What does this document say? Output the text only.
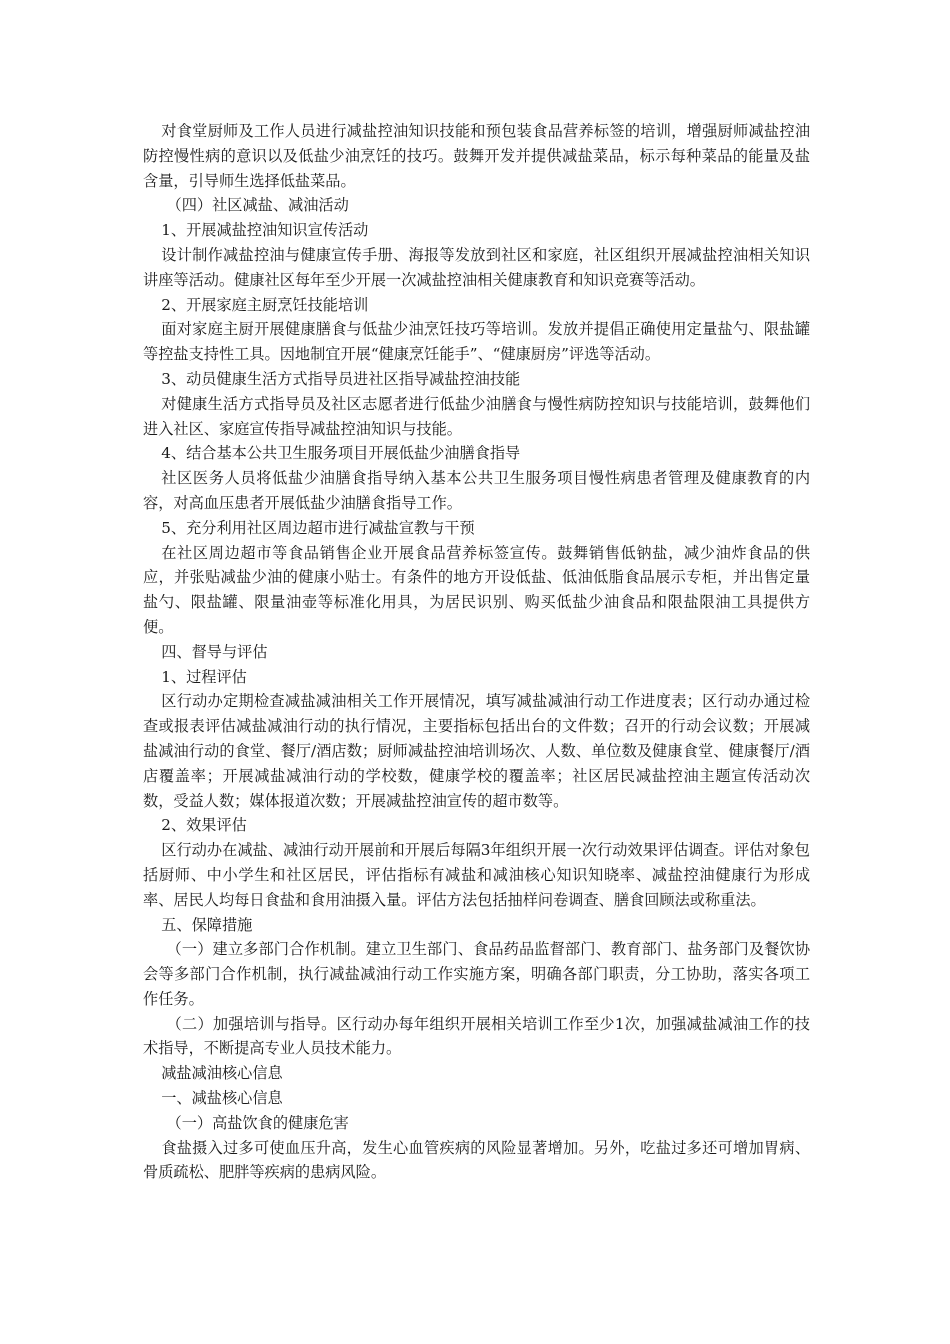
对食堂厨师及工作人员进行减盐控油知识技能和预包装食品营养标签的培训，增强厨师减盐控油防控慢性病的意识以及低盐少油烹饪的技巧。鼓舞开发并提供减盐菜品，标示每种菜品的能量及盐含量，引导师生选择低盐菜品。

（四）社区减盐、减油活动

1、开展减盐控油知识宣传活动

设计制作减盐控油与健康宣传手册、海报等发放到社区和家庭，社区组织开展减盐控油相关知识讲座等活动。健康社区每年至少开展一次减盐控油相关健康教育和知识竞赛等活动。

2、开展家庭主厨烹饪技能培训

面对家庭主厨开展健康膳食与低盐少油烹饪技巧等培训。发放并提倡正确使用定量盐勺、限盐罐等控盐支持性工具。因地制宜开展“健康烹饪能手”、“健康厨房”评选等活动。

3、动员健康生活方式指导员进社区指导减盐控油技能

对健康生活方式指导员及社区志愿者进行低盐少油膳食与慢性病防控知识与技能培训，鼓舞他们进入社区、家庭宣传指导减盐控油知识与技能。

4、结合基本公共卫生服务项目开展低盐少油膳食指导

社区医务人员将低盐少油膳食指导纳入基本公共卫生服务项目慢性病患者管理及健康教育的内容，对高血压患者开展低盐少油膳食指导工作。

5、充分利用社区周边超市进行减盐宣教与干预

在社区周边超市等食品销售企业开展食品营养标签宣传。鼓舞销售低钠盐，减少油炸食品的供应，并张贴减盐少油的健康小贴士。有条件的地方开设低盐、低油低脂食品展示专柜，并出售定量盐勺、限盐罐、限量油壶等标准化用具，为居民识别、购买低盐少油食品和限盐限油工具提供方便。

四、督导与评估

1、过程评估

区行动办定期检查减盐减油相关工作开展情况，填写减盐减油行动工作进度表；区行动办通过检查或报表评估减盐减油行动的执行情况，主要指标包括出台的文件数；召开的行动会议数；开展减盐减油行动的食堂、餐厅/酒店数；厨师减盐控油培训场次、人数、单位数及健康食堂、健康餐厅/酒店覆盖率；开展减盐减油行动的学校数，健康学校的覆盖率；社区居民减盐控油主题宣传活动次数，受益人数；媒体报道次数；开展减盐控油宣传的超市数等。

2、效果评估

区行动办在减盐、减油行动开展前和开展后每隔3年组织开展一次行动效果评估调查。评估对象包括厨师、中小学生和社区居民，评估指标有减盐和减油核心知识知晓率、减盐控油健康行为形成率、居民人均每日食盐和食用油摄入量。评估方法包括抽样问卷调查、膳食回顾法或称重法。

五、保障措施

（一）建立多部门合作机制。建立卫生部门、食品药品监督部门、教育部门、盐务部门及餐饮协会等多部门合作机制，执行减盐减油行动工作实施方案，明确各部门职责，分工协助，落实各项工作任务。

（二）加强培训与指导。区行动办每年组织开展相关培训工作至少1次，加强减盐减油工作的技术指导，不断提高专业人员技术能力。

减盐减油核心信息

一、减盐核心信息

（一）高盐饮食的健康危害

食盐摄入过多可使血压升高，发生心血管疾病的风险显著增加。另外，吃盐过多还可增加胃病、骨质疏松、肥胖等疾病的患病风险。
